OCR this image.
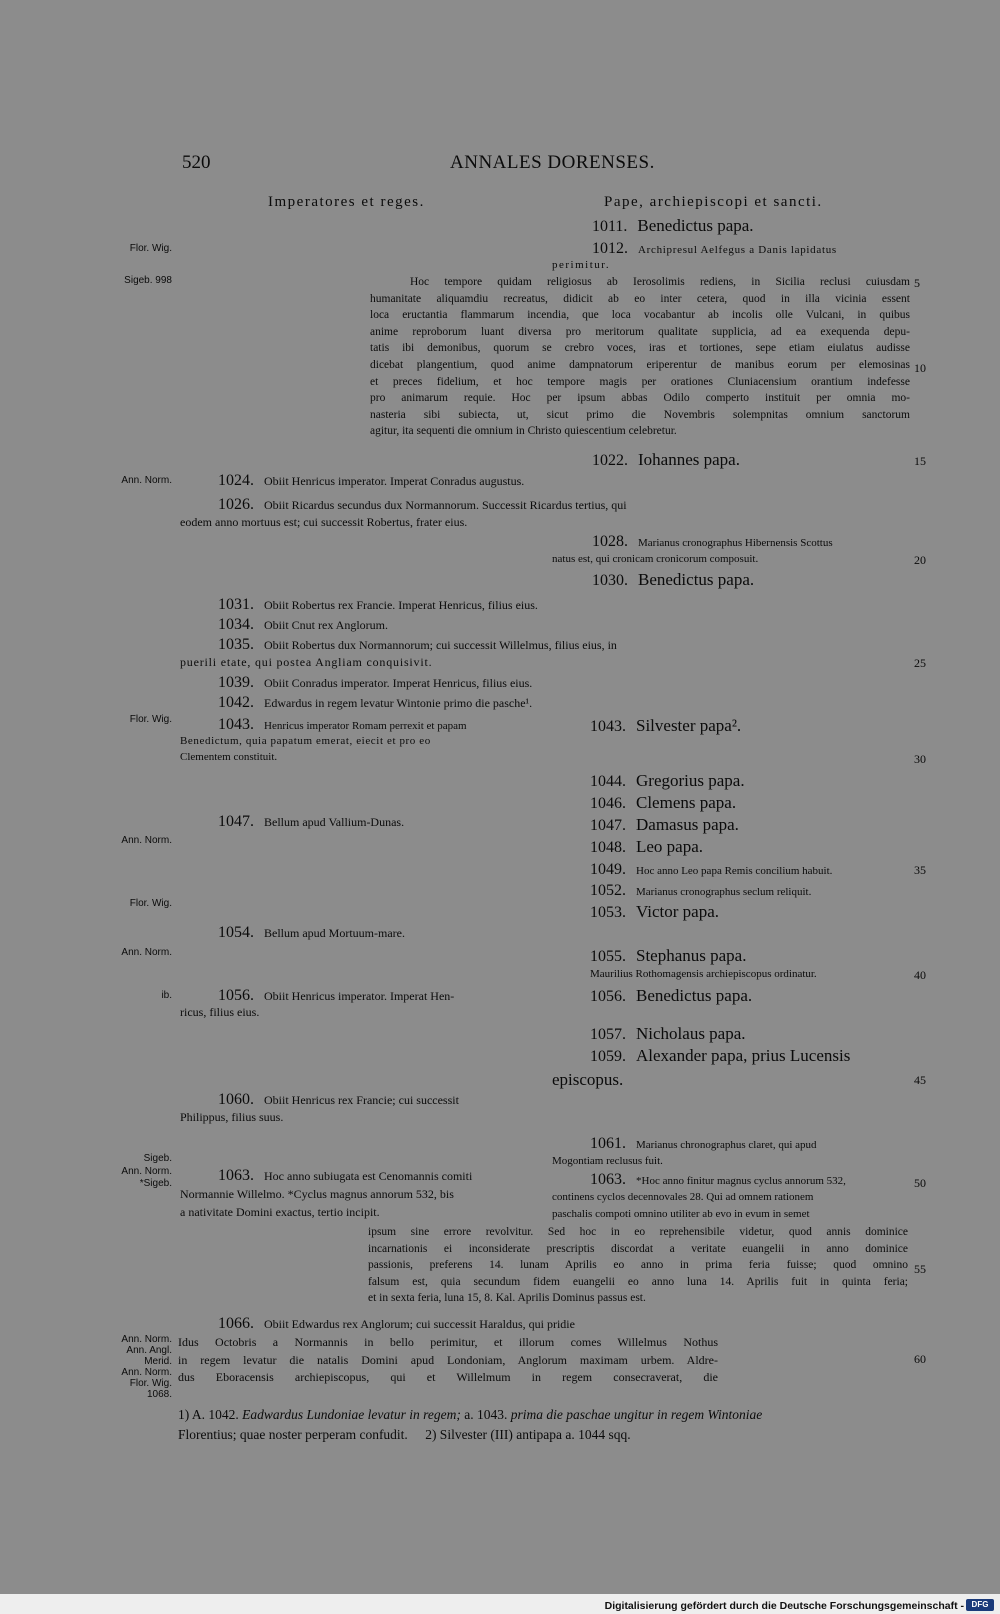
520	ANNALES DORENSES.
Imperatores et reges.	Pape, archiepiscopi et sancti.
Flor. Wig.
Sigeb. 998
Ann. Norm.
Flor. Wig.
Ann. Norm.
Flor. Wig.
Ann. Norm.
ib.
Sigeb.
Ann. Norm.
*Sigeb.
Ann. Norm.
Ann. Angl.
Merid.
Ann. Norm.
Flor. Wig.
1068.
5
10
15
20
25
30
35
40
45
50
55
60
1011. Benedictus papa.
1012. Archipresul Aelfegus a Danis lapidatus
perimitur.
Hoc tempore quidam religiosus ab Ierosolimis rediens, in Sicilia reclusi cuiusdam
humanitate aliquamdiu recreatus, didicit ab eo inter cetera, quod in illa vicinia essent
loca eructantia flammarum incendia, que loca vocabantur ab incolis olle Vulcani, in quibus
anime reproborum luant diversa pro meritorum qualitate supplicia, ad ea exequenda depu-
tatis ibi demonibus, quorum se crebro voces, iras et tortiones, sepe etiam eiulatus audisse
dicebat plangentium, quod anime dampnatorum eriperentur de manibus eorum per elemosinas
et preces fidelium, et hoc tempore magis per orationes Cluniacensium orantium indefesse
pro animarum requie. Hoc per ipsum abbas Odilo comperto instituit per omnia mo-
nasteria sibi subiecta, ut, sicut primo die Novembris solempnitas omnium sanctorum
agitur, ita sequenti die omnium in Christo quiescentium celebretur.
1022. Iohannes papa.
1024. Obiit Henricus imperator. Imperat Conradus augustus.
1026. Obiit Ricardus secundus dux Normannorum. Successit Ricardus tertius, qui
eodem anno mortuus est; cui successit Robertus, frater eius.
1028. Marianus cronographus Hibernensis Scottus
natus est, qui cronicam cronicorum composuit.
1030. Benedictus papa.
1031. Obiit Robertus rex Francie. Imperat Henricus, filius eius.
1034. Obiit Cnut rex Anglorum.
1035. Obiit Robertus dux Normannorum; cui successit Willelmus, filius eius, in
puerili etate, qui postea Angliam conquisivit.
1039. Obiit Conradus imperator. Imperat Henricus, filius eius.
1042. Edwardus in regem levatur Wintonie primo die pasche¹.
1043. Henricus imperator Romam perrexit et papam
Benedictum, quia papatum emerat, eiecit et pro eo
Clementem constituit.
1043. Silvester papa².
1044. Gregorius papa.
1046. Clemens papa.
1047. Bellum apud Vallium-Dunas.	1047. Damasus papa.
1048. Leo papa.
1049. Hoc anno Leo papa Remis concilium habuit.
1052. Marianus cronographus seclum reliquit.
1053. Victor papa.
1054. Bellum apud Mortuum-mare.
1055. Stephanus papa.
Maurilius Rothomagensis archiepiscopus ordinatur.
1056. Obiit Henricus imperator. Imperat Hen-
ricus, filius eius.
1056. Benedictus papa.
1057. Nicholaus papa.
1059. Alexander papa, prius Lucensis
episcopus.
1060. Obiit Henricus rex Francie; cui successit
Philippus, filius suus.
1061. Marianus chronographus claret, qui apud
Mogontiam reclusus fuit.
1063. Hoc anno subiugata est Cenomannis comiti
Normannie Willelmo. *Cyclus magnus annorum 532, bis
a nativitate Domini exactus, tertio incipit.
1063. *Hoc anno finitur magnus cyclus annorum 532,
continens cyclos decennovales 28. Qui ad omnem rationem
paschalis compoti omnino utiliter ab evo in evum in semet
ipsum sine errore revolvitur. Sed hoc in eo reprehensibile videtur, quod annis dominice
incarnationis ei inconsiderate prescriptis discordat a veritate euangelii in anno dominice
passionis, preferens 14. lunam Aprilis eo anno in prima feria fuisse; quod omnino
falsum est, quia secundum fidem euangelii eo anno luna 14. Aprilis fuit in quinta feria;
et in sexta feria, luna 15, 8. Kal. Aprilis Dominus passus est.
1066. Obiit Edwardus rex Anglorum; cui successit Haraldus, qui pridie
Idus Octobris a Normannis in bello perimitur, et illorum comes Willelmus Nothus
in regem levatur die natalis Domini apud Londoniam, Anglorum maximam urbem. Aldre-
dus Eboracensis archiepiscopus, qui et Willelmum in regem consecraverat, die
1) A. 1042. Eadwardus Lundoniae levatur in regem; a. 1043. prima die paschae ungitur in regem Wintoniae
Florentius; quae noster perperam confudit. 2) Silvester (III) antipapa a. 1044 sqq.
Digitalisierung gefördert durch die Deutsche Forschungsgemeinschaft - DFG
